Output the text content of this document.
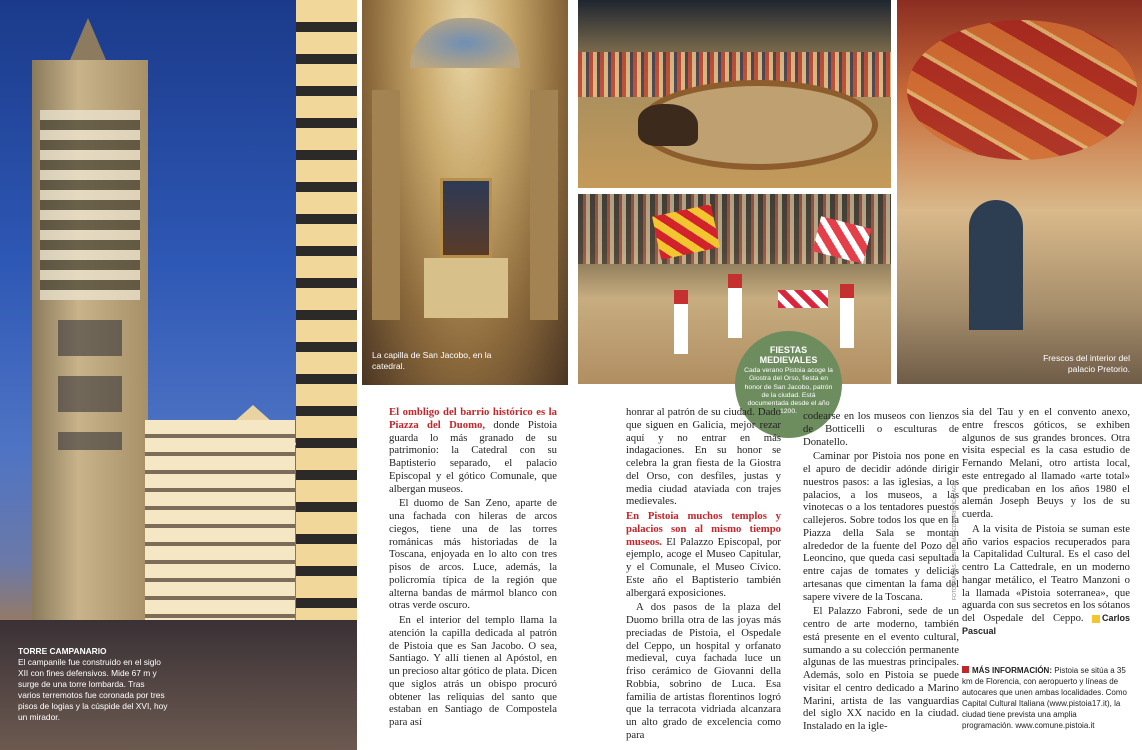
TORRE CAMPANARIO
El campanile fue construido en el siglo XII con fines defensivos. Mide 67 m y surge de una torre lombarda. Tras varios terremotos fue coronada por tres pisos de logias y la cúspide del XVI, hoy un mirador.
La capilla de San Jacobo, en la catedral.
Frescos del interior del palacio Pretorio.
FIESTAS
MEDIEVALES
Cada verano Pistoia acoge la Giostra del Orso, fiesta en honor de San Jacobo, patrón de la ciudad. Está documentada desde el año 1200.

El ombligo del barrio histórico es la Piazza del Duomo, donde Pistoia guarda lo más granado de su patrimonio: la Catedral con su Baptisterio separado, el palacio Episcopal y el gótico Comunale, que albergan museos.

El duomo de San Zeno, aparte de una fachada con hileras de arcos ciegos, tiene una de las torres románicas más historiadas de la Toscana, enjoyada en lo alto con tres pisos de arcos. Luce, además, la policromía típica de la región que alterna bandas de mármol blanco con otras verde oscuro.

En el interior del templo llama la atención la capilla dedicada al patrón de Pistoia que es San Jacobo. O sea, Santiago. Y allí tienen al Apóstol, en un precioso altar gótico de plata. Dicen que siglos atrás un obispo procuró obtener las reliquias del santo que estaban en Santiago de Compostela para así

honrar al patrón de su ciudad. Dado que siguen en Galicia, mejor rezar aquí y no entrar en más indagaciones. En su honor se celebra la gran fiesta de la Giostra del Orso, con desfiles, justas y media ciudad ataviada con trajes medievales.

En Pistoia muchos templos y palacios son al mismo tiempo museos. El Palazzo Episcopal, por ejemplo, acoge el Museo Capitular, y el Comunale, el Museo Cívico. Este año el Baptisterio también albergará exposiciones.

A dos pasos de la plaza del Duomo brilla otra de las joyas más preciadas de Pistoia, el Ospedale del Ceppo, un hospital y orfanato medieval, cuya fachada luce un friso cerámico de Giovanni della Robbia, sobrino de Luca. Esa familia de artistas florentinos logró que la terracota vidriada alcanzara un alto grado de excelencia como para

codearse en los museos con lienzos de Botticelli o esculturas de Donatello.

Caminar por Pistoia nos pone en el apuro de decidir adónde dirigir nuestros pasos: a las iglesias, a los palacios, a los museos, a las vinotecas o a los tentadores puestos callejeros. Sobre todos los que en la Piazza della Sala se montan alrededor de la fuente del Pozo del Leoncino, que queda casi sepultada entre cajas de tomates y delicias artesanas que cimentan la fama del sapere vivere de la Toscana.

El Palazzo Fabroni, sede de un centro de arte moderno, también está presente en el evento cultural, sumando a su colección permanente algunas de las muestras principales. Además, solo en Pistoia se puede visitar el centro dedicado a Marino Marini, artista de las vanguardias del siglo XX nacido en la ciudad. Instalado en la igle-

sia del Tau y en el convento anexo, entre frescos góticos, se exhiben algunos de sus grandes bronces. Otra visita especial es la casa estudio de Fernando Melani, otro artista local, este entregado al llamado «arte total» que predicaban en los años 1980 el alemán Joseph Beuys y los de su cuerda.

A la visita de Pistoia se suman este año varios espacios recuperados para la Capitalidad Cultural. Es el caso del centro La Cattedrale, en un moderno hangar metálico, el Teatro Manzoni o la llamada «Pistoia soterranea», que aguarda con sus secretos en los sótanos del Ospedale del Ceppo. Carlos Pascual

MÁS INFORMACIÓN: Pistoia se sitúa a 35 km de Florencia, con aeropuerto y líneas de autocares que unen ambas localidades. Como Capital Cultural Italiana (www.pistoia17.it), la ciudad tiene prevista una amplia programación. www.comune.pistoia.it
FOTOGRAFÍAS: 123RF · MARCO PARISTICA / AGE
